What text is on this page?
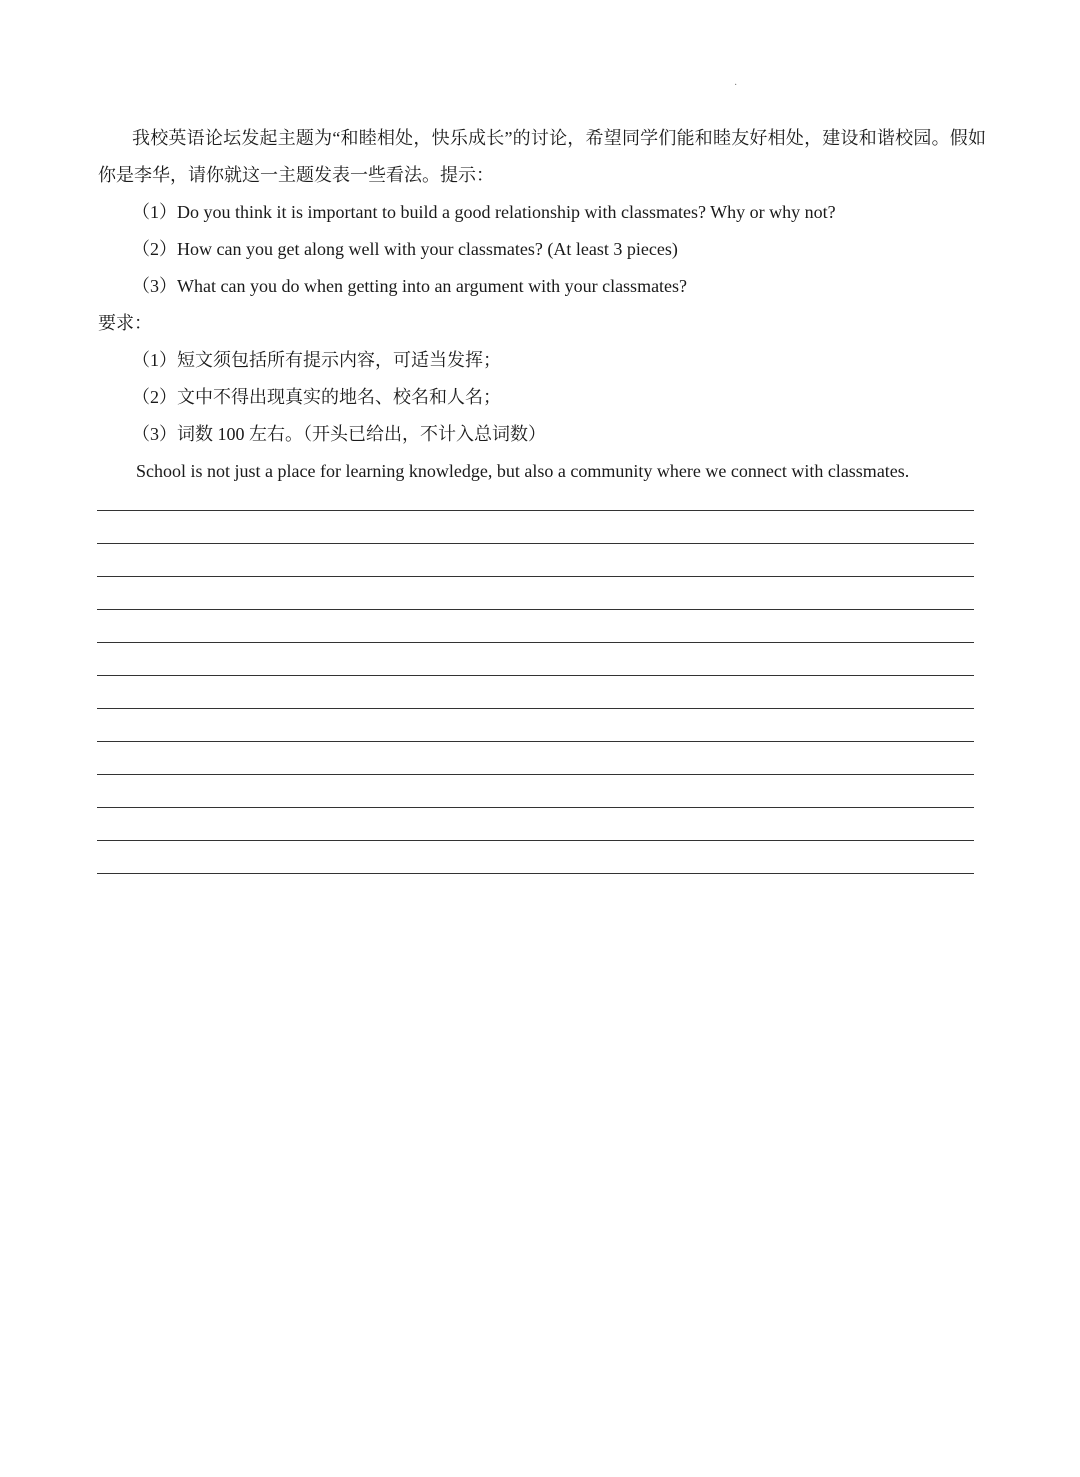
·

我校英语论坛发起主题为“和睦相处，快乐成长”的讨论，希望同学们能和睦友好相处，建设和谐校园。假如你是李华，请你就这一主题发表一些看法。提示：

（1）Do you think it is important to build a good relationship with classmates? Why or why not?

（2）How can you get along well with your classmates? (At least 3 pieces)

（3）What can you do when getting into an argument with your classmates?

要求：

（1）短文须包括所有提示内容，可适当发挥；

（2）文中不得出现真实的地名、校名和人名；

（3）词数 100 左右。（开头已给出，不计入总词数）

School is not just a place for learning knowledge, but also a community where we connect with classmates.
